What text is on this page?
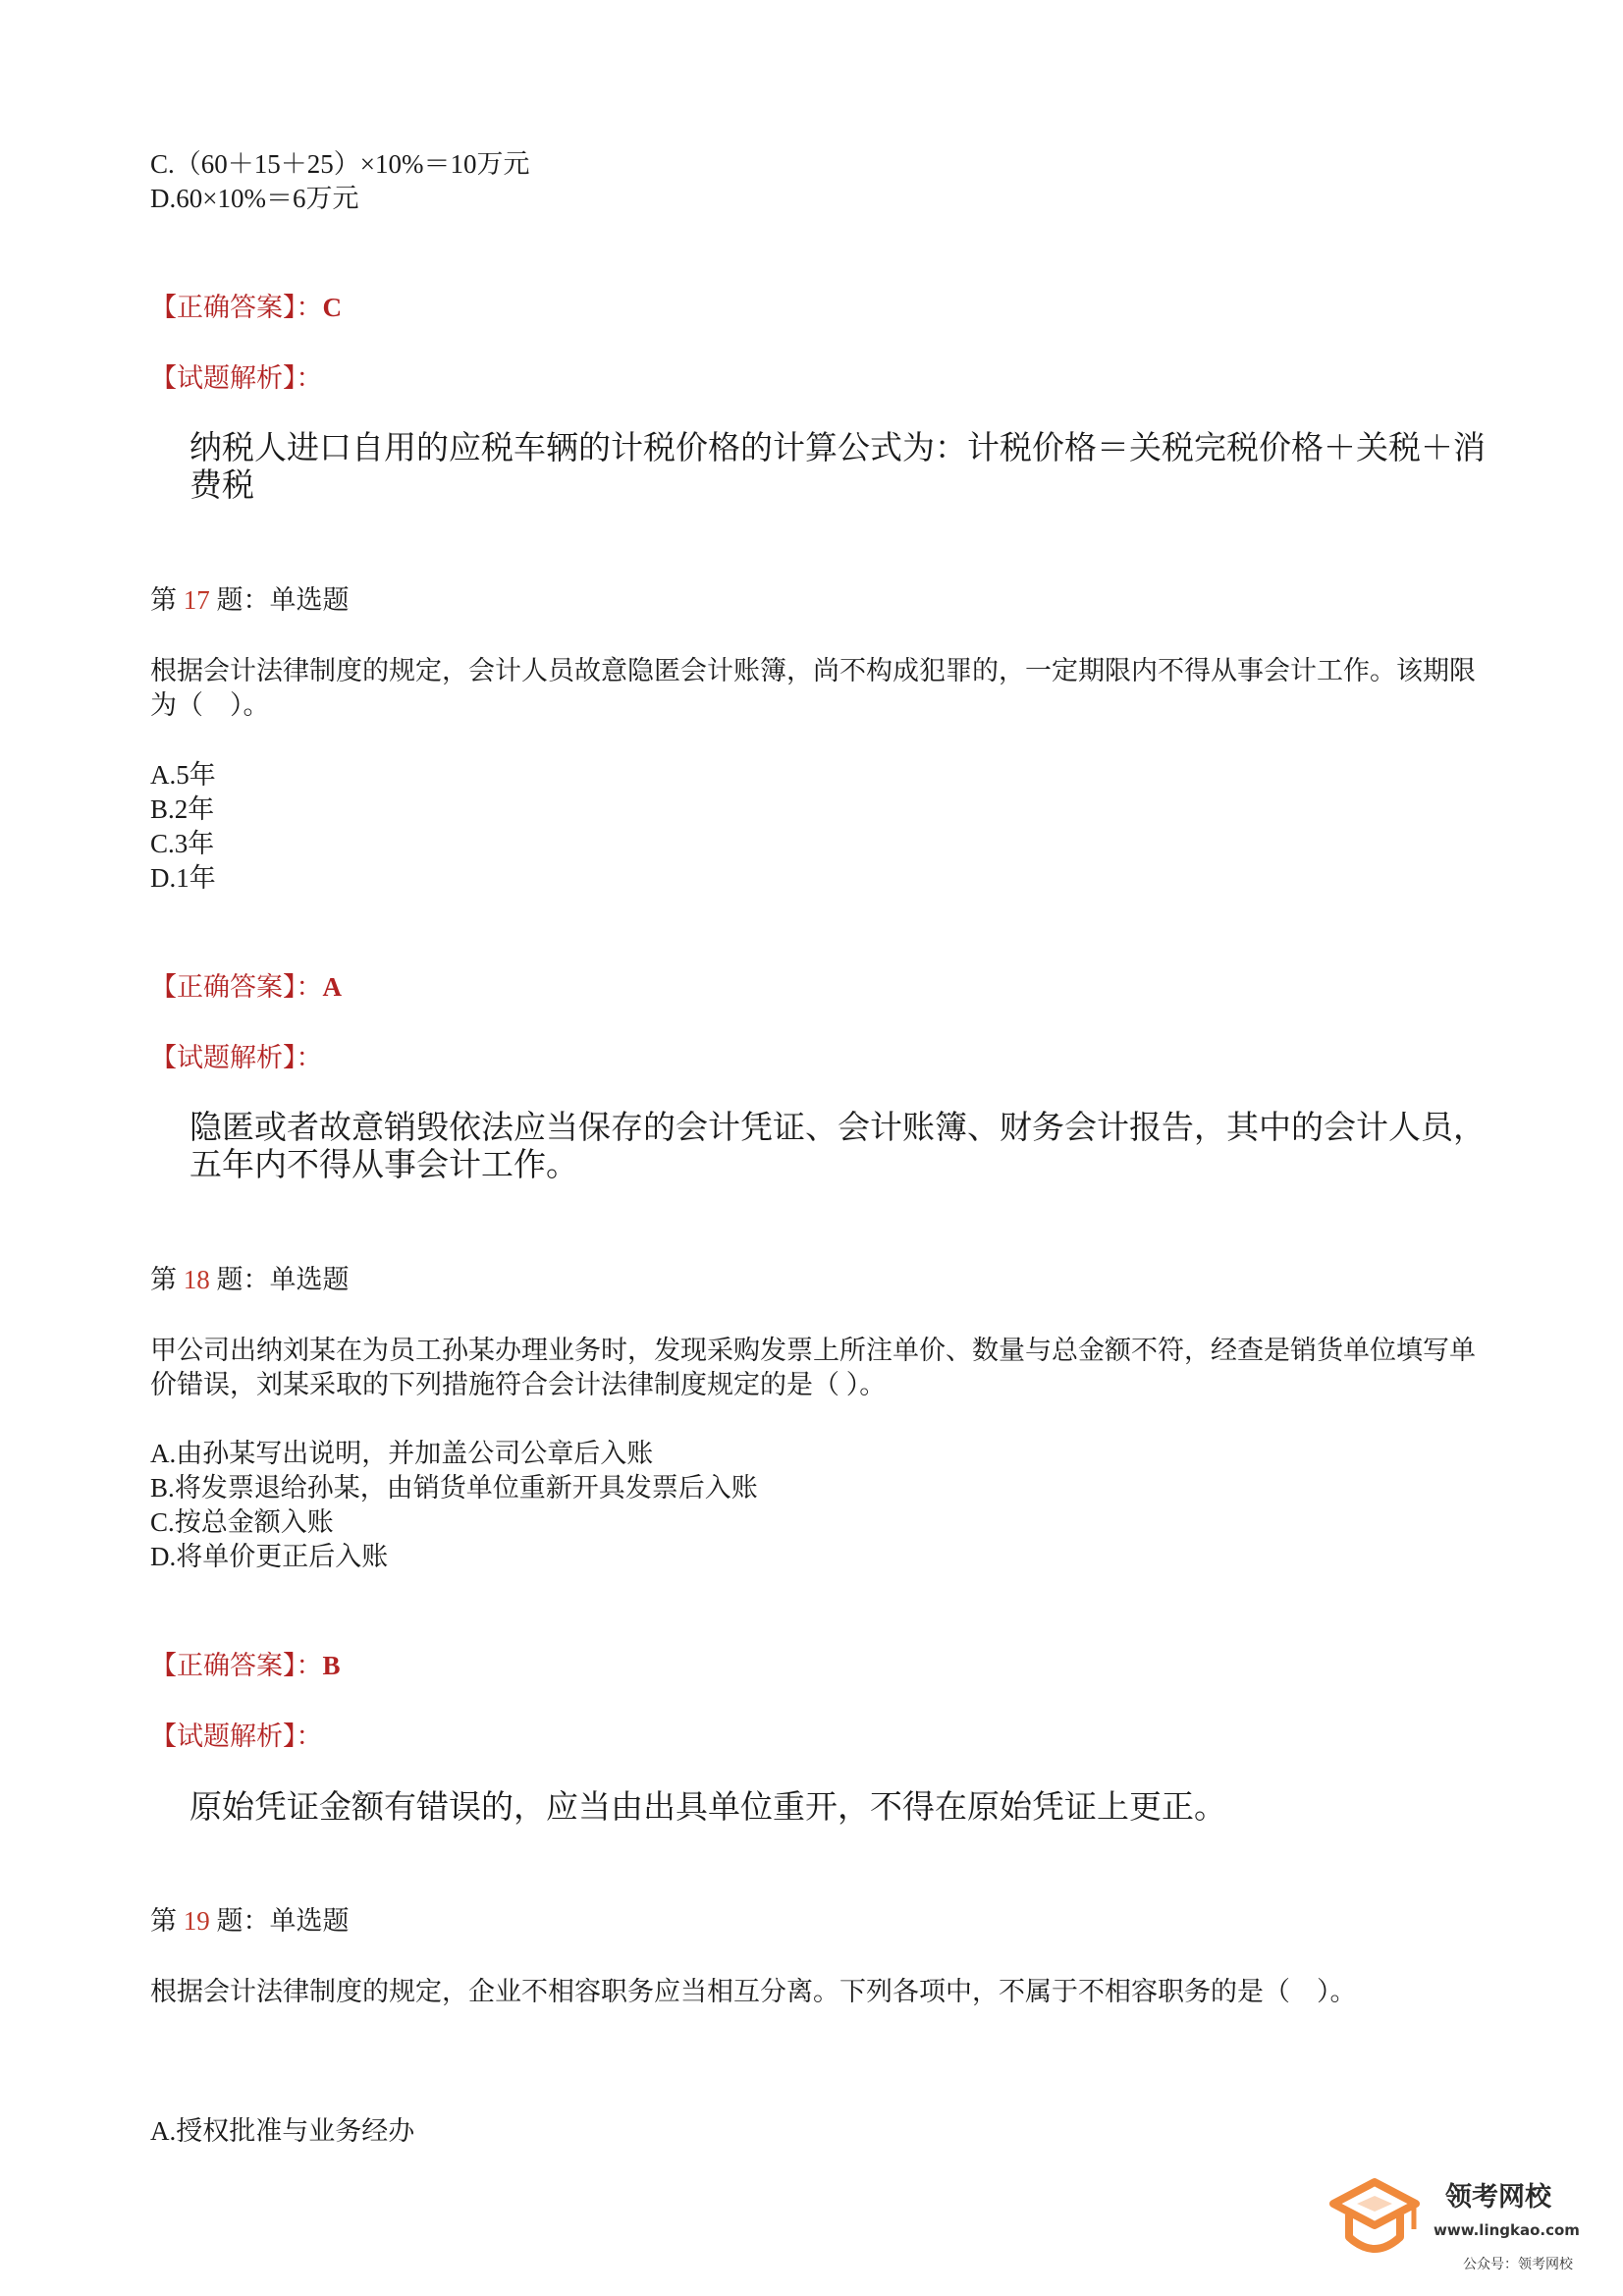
C.（60＋15＋25）×10%＝10万元
D.60×10%＝6万元
【正确答案】：C
【试题解析】：
纳税人进口自用的应税车辆的计税价格的计算公式为：计税价格＝关税完税价格＋关税＋消费税
第 17 题：单选题
根据会计法律制度的规定，会计人员故意隐匿会计账簿，尚不构成犯罪的，一定期限内不得从事会计工作。该期限为（　）。
A.5年
B.2年
C.3年
D.1年
【正确答案】：A
【试题解析】：
隐匿或者故意销毁依法应当保存的会计凭证、会计账簿、财务会计报告，其中的会计人员，五年内不得从事会计工作。
第 18 题：单选题
甲公司出纳刘某在为员工孙某办理业务时，发现采购发票上所注单价、数量与总金额不符，经查是销货单位填写单价错误，刘某采取的下列措施符合会计法律制度规定的是（ ）。
A.由孙某写出说明，并加盖公司公章后入账
B.将发票退给孙某，由销货单位重新开具发票后入账
C.按总金额入账
D.将单价更正后入账
【正确答案】：B
【试题解析】：
原始凭证金额有错误的，应当由出具单位重开，不得在原始凭证上更正。
第 19 题：单选题
根据会计法律制度的规定，企业不相容职务应当相互分离。下列各项中，不属于不相容职务的是（　）。
A.授权批准与业务经办
领考网校
www.lingkao.com
公众号：领考网校
